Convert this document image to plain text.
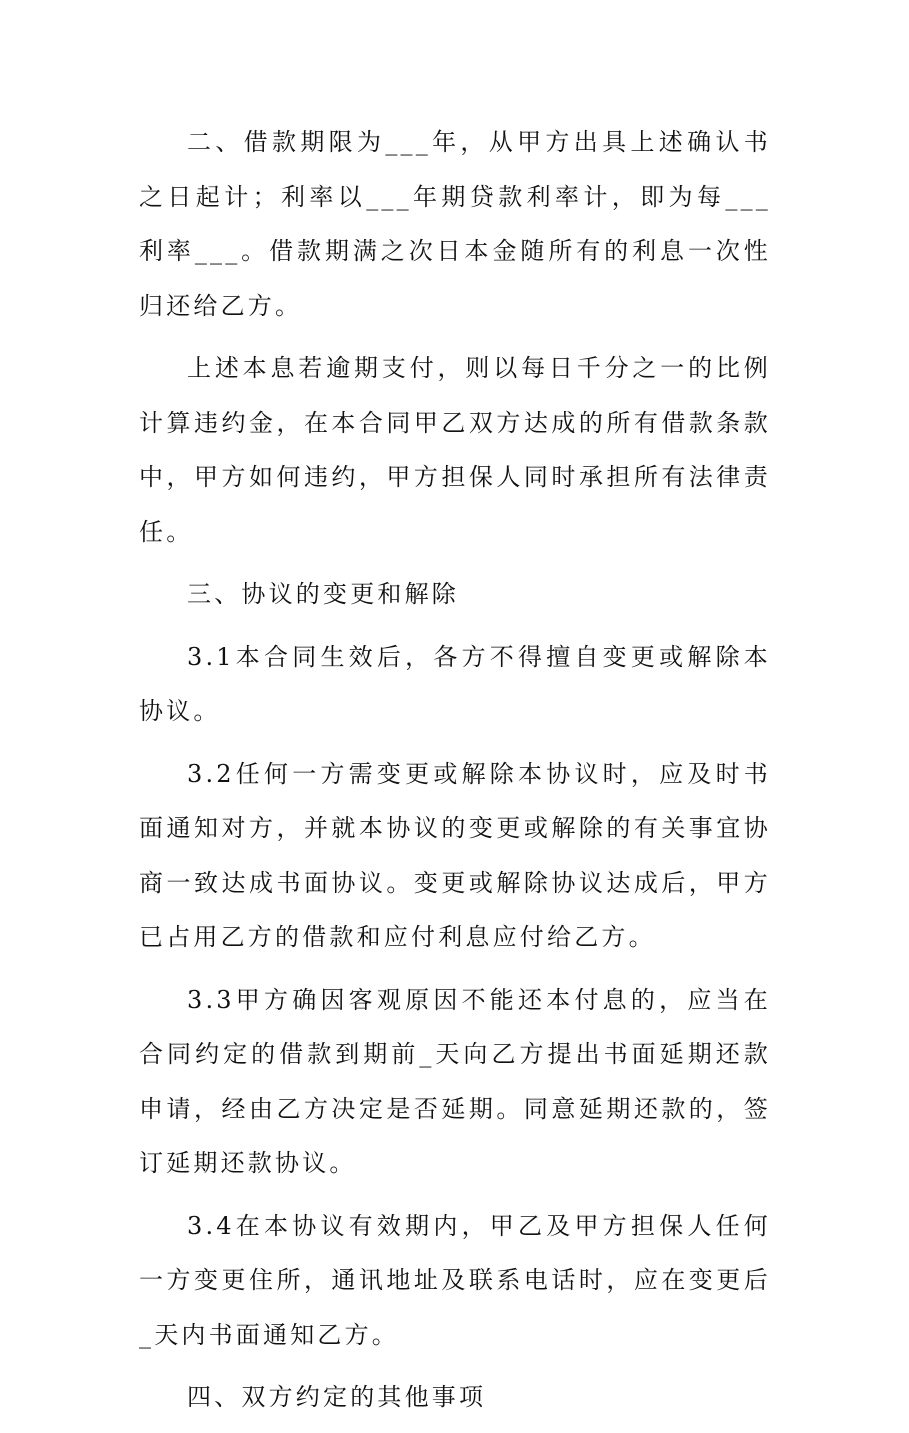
二、借款期限为___年，从甲方出具上述确认书之日起计；利率以___年期贷款利率计，即为每___利率___。借款期满之次日本金随所有的利息一次性归还给乙方。

上述本息若逾期支付，则以每日千分之一的比例计算违约金，在本合同甲乙双方达成的所有借款条款中，甲方如何违约，甲方担保人同时承担所有法律责任。

三、协议的变更和解除

3.1本合同生效后，各方不得擅自变更或解除本协议。

3.2任何一方需变更或解除本协议时，应及时书面通知对方，并就本协议的变更或解除的有关事宜协商一致达成书面协议。变更或解除协议达成后，甲方已占用乙方的借款和应付利息应付给乙方。

3.3甲方确因客观原因不能还本付息的，应当在合同约定的借款到期前_天向乙方提出书面延期还款申请，经由乙方决定是否延期。同意延期还款的，签订延期还款协议。

3.4在本协议有效期内，甲乙及甲方担保人任何一方变更住所，通讯地址及联系电话时，应在变更后_天内书面通知乙方。

四、双方约定的其他事项
